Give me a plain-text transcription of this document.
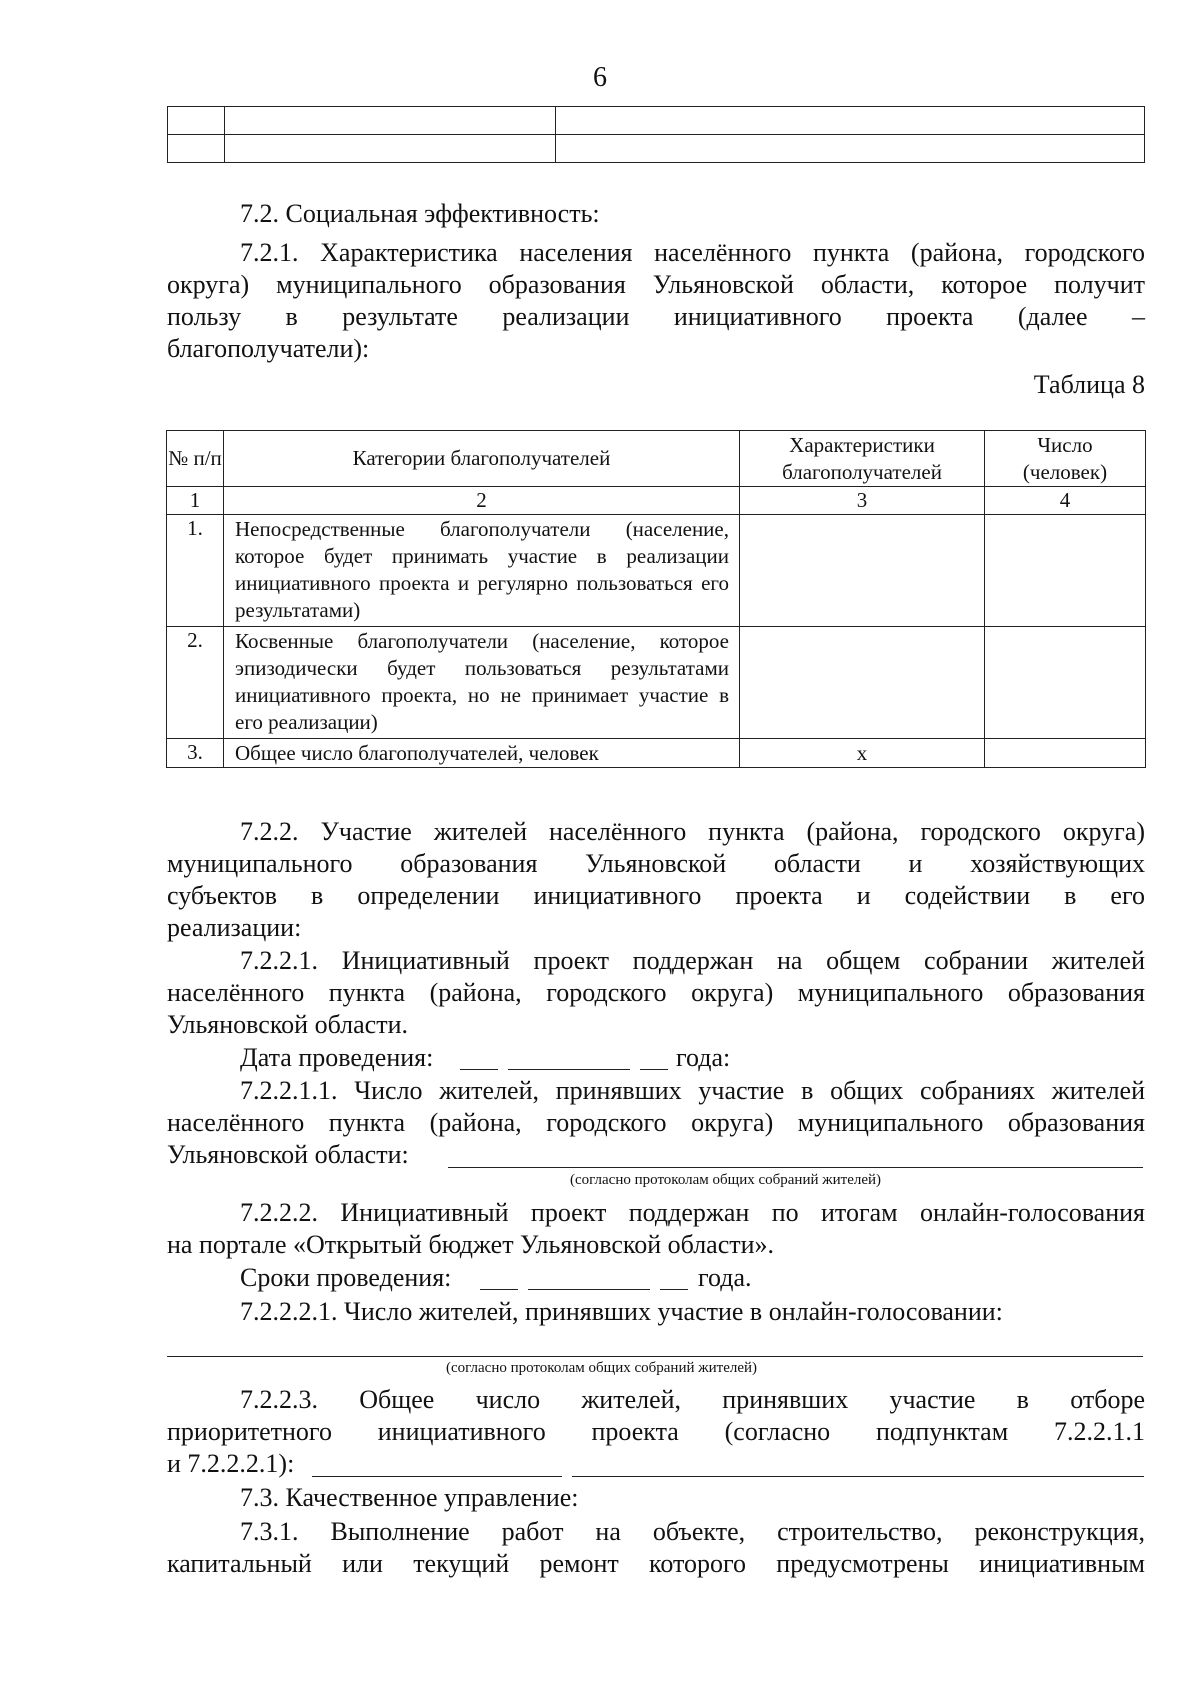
6

7.2. Социальная эффективность:
7.2.1. Характеристика населения населённого пункта (района, городского
округа) муниципального образования Ульяновской области, которое получит
пользу в результате реализации инициативного проекта (далее –
благополучатели):
Таблица 8
№ п/п	Категории благополучателей	Характеристики благополучателей	Число (человек)
1	2	3	4
1.	Непосредственные благополучатели (население, которое будет принимать участие в реализации инициативного проекта и регулярно пользоваться его результатами)		
2.	Косвенные благополучатели (население, которое эпизодически будет пользоваться результатами инициативного проекта, но не принимает участие в его реализации)		
3.	Общее число благополучателей, человек	х	
7.2.2. Участие жителей населённого пункта (района, городского округа)
муниципального образования Ульяновской области и хозяйствующих
субъектов в определении инициативного проекта и содействии в его
реализации:
7.2.2.1. Инициативный проект поддержан на общем собрании жителей
населённого пункта (района, городского округа) муниципального образования
Ульяновской области.
Дата проведения:	года:
7.2.2.1.1. Число жителей, принявших участие в общих собраниях жителей
населённого пункта (района, городского округа) муниципального образования
Ульяновской области:
(согласно протоколам общих собраний жителей)
7.2.2.2. Инициативный проект поддержан по итогам онлайн-голосования
на портале «Открытый бюджет Ульяновской области».
Сроки проведения:	года.
7.2.2.2.1. Число жителей, принявших участие в онлайн-голосовании:
(согласно протоколам общих собраний жителей)
7.2.2.3. Общее число жителей, принявших участие в отборе
приоритетного инициативного проекта (согласно подпунктам 7.2.2.1.1
и 7.2.2.2.1):
7.3. Качественное управление:
7.3.1. Выполнение работ на объекте, строительство, реконструкция,
капитальный или текущий ремонт которого предусмотрены инициативным
